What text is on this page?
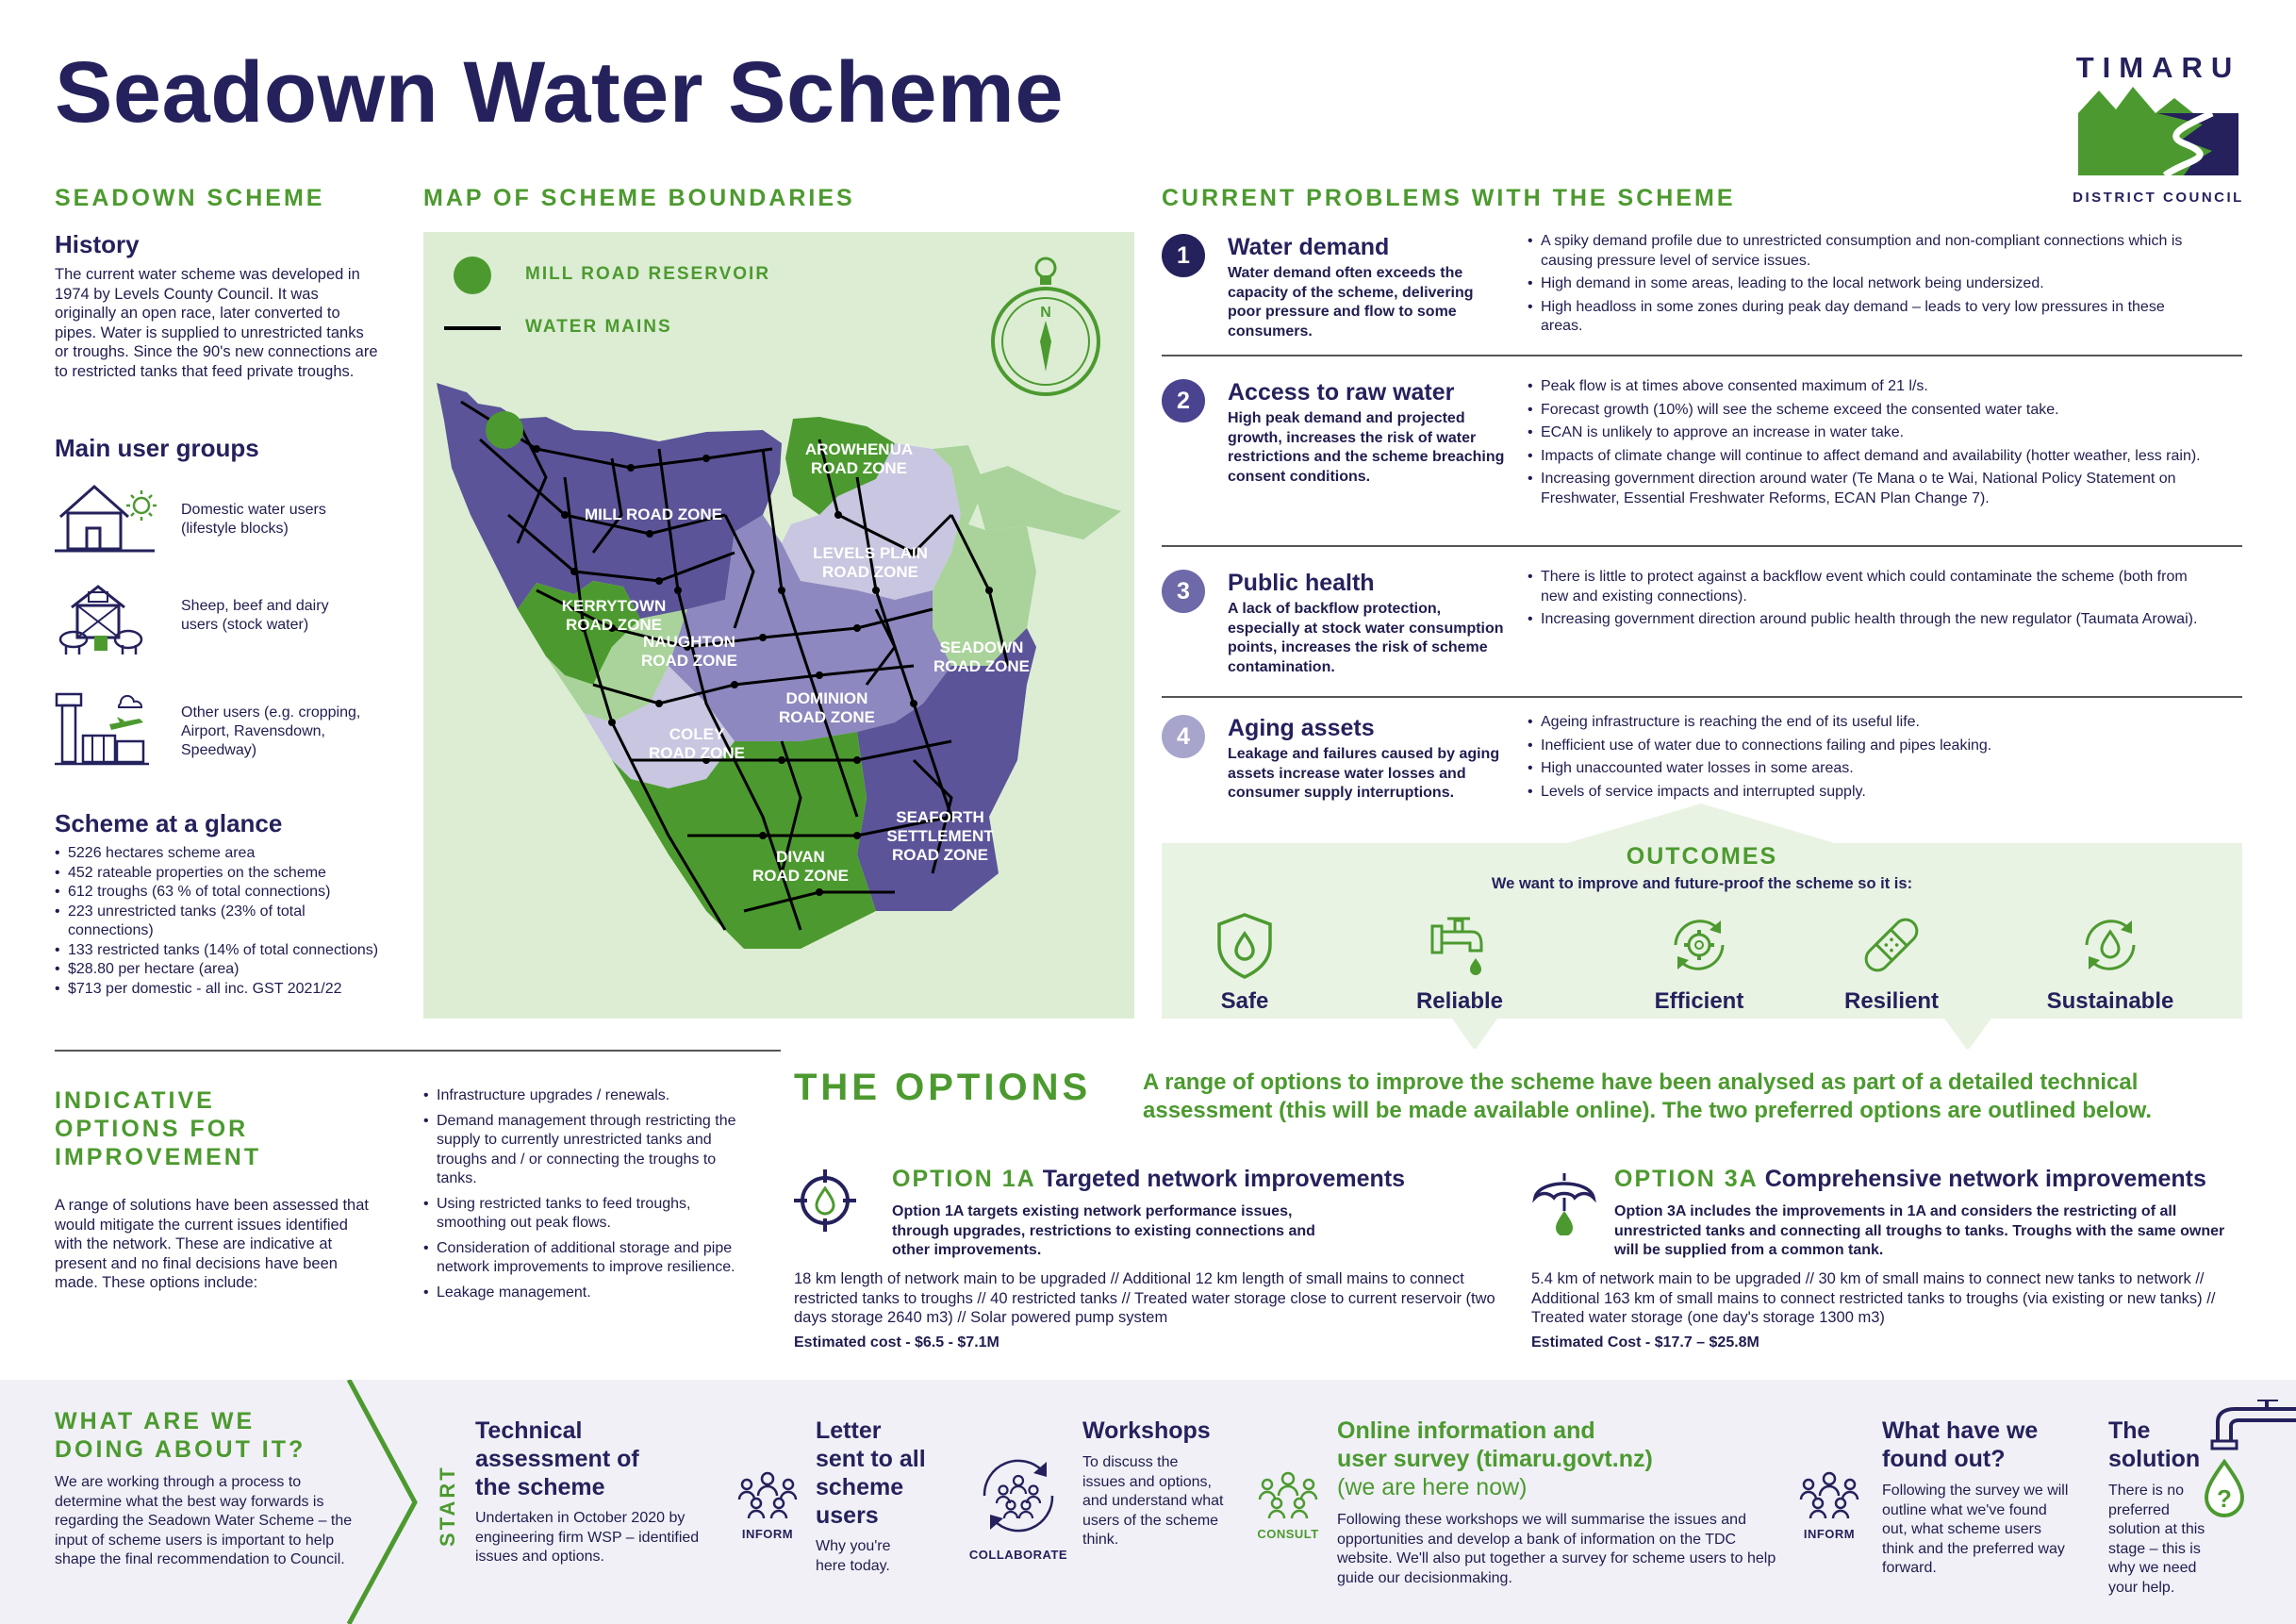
Seadown Water Scheme	TIMARU
DISTRICT COUNCIL
SEADOWN SCHEME
History
The current water scheme was developed in 1974 by Levels County Council. It was originally an open race, later converted to pipes. Water is supplied to unrestricted tanks or troughs. Since the 90's new connections are to restricted tanks that feed private troughs.
Main user groups
Domestic water users (lifestyle blocks)
Sheep, beef and dairy users (stock water)
Other users (e.g. cropping, Airport, Ravensdown, Speedway)
Scheme at a glance
• 5226 hectares scheme area
• 452 rateable properties on the scheme
• 612 troughs (63 % of total connections)
• 223 unrestricted tanks (23% of total connections)
• 133 restricted tanks (14% of total connections)
• $28.80 per hectare (area)
• $713 per domestic - all inc. GST 2021/22
MAP OF SCHEME BOUNDARIES
AROWHENUA ROAD ZONE
MILL ROAD ZONE
LEVELS PLAIN ROAD ZONE
KERRYTOWN ROAD ZONE
NAUGHTON ROAD ZONE
SEADOWN ROAD ZONE
DOMINION ROAD ZONE
COLEY ROAD ZONE
SEAFORTH SETTLEMENT ROAD ZONE
DIVAN ROAD ZONE
MILL ROAD RESERVOIR
WATER MAINS
N
CURRENT PROBLEMS WITH THE SCHEME
1	Water demand
Water demand often exceeds the capacity of the scheme, delivering poor pressure and flow to some consumers.
• A spiky demand profile due to unrestricted consumption and non-compliant connections which is causing pressure level of service issues.
• High demand in some areas, leading to the local network being undersized.
• High headloss in some zones during peak day demand – leads to very low pressures in these areas.
2	Access to raw water
High peak demand and projected growth, increases the risk of water restrictions and the scheme breaching consent conditions.
• Peak flow is at times above consented maximum of 21 l/s.
• Forecast growth (10%) will see the scheme exceed the consented water take.
• ECAN is unlikely to approve an increase in water take.
• Impacts of climate change will continue to affect demand and availability (hotter weather, less rain).
• Increasing government direction around water (Te Mana o te Wai, National Policy Statement on Freshwater, Essential Freshwater Reforms, ECAN Plan Change 7).
3	Public health
A lack of backflow protection, especially at stock water consumption points, increases the risk of scheme contamination.
• There is little to protect against a backflow event which could contaminate the scheme (both from new and existing connections).
• Increasing government direction around public health through the new regulator (Taumata Arowai).
4	Aging assets
Leakage and failures caused by aging assets increase water losses and consumer supply interruptions.
• Ageing infrastructure is reaching the end of its useful life.
• Inefficient use of water due to connections failing and pipes leaking.
• High unaccounted water losses in some areas.
• Levels of service impacts and interrupted supply.
OUTCOMES
We want to improve and future-proof the scheme so it is:
Safe	Reliable	Efficient	Resilient	Sustainable
INDICATIVE
OPTIONS FOR
IMPROVEMENT
A range of solutions have been assessed that would mitigate the current issues identified with the network. These are indicative at present and no final decisions have been made. These options include:
• Infrastructure upgrades / renewals.
• Demand management through restricting the supply to currently unrestricted tanks and troughs and / or connecting the troughs to tanks.
• Using restricted tanks to feed troughs, smoothing out peak flows.
• Consideration of additional storage and pipe network improvements to improve resilience.
• Leakage management.
THE OPTIONS A range of options to improve the scheme have been analysed as part of a detailed technical assessment (this will be made available online). The two preferred options are outlined below.
OPTION 1A Targeted network improvements
Option 1A targets existing network performance issues, through upgrades, restrictions to existing connections and other improvements.
18 km length of network main to be upgraded // Additional 12 km length of small mains to connect restricted tanks to troughs // 40 restricted tanks // Treated water storage close to current reservoir (two days storage 2640 m3) // Solar powered pump system
Estimated cost - $6.5 - $7.1M
OPTION 3A Comprehensive network improvements
Option 3A includes the improvements in 1A and considers the restricting of all unrestricted tanks and connecting all troughs to tanks. Troughs with the same owner will be supplied from a common tank.
5.4 km of network main to be upgraded // 30 km of small mains to connect new tanks to network // Additional 163 km of small mains to connect restricted tanks to troughs (via existing or new tanks) // Treated water storage (one day's storage 1300 m3)
Estimated Cost - $17.7 – $25.8M
WHAT ARE WE
DOING ABOUT IT?
We are working through a process to determine what the best way forwards is regarding the Seadown Water Scheme – the input of scheme users is important to help shape the final recommendation to Council.
START
Technical
assessment of
the scheme
Undertaken in October 2020 by engineering firm WSP – identified issues and options.
INFORM
Letter
sent to all
scheme
users
Why you're here today.
COLLABORATE
Workshops
To discuss the issues and options, and understand what users of the scheme think.	CONSULT
Online information and
user survey (timaru.govt.nz)
(we are here now)
Following these workshops we will summarise the issues and opportunities and develop a bank of information on the TDC website. We'll also put together a survey for scheme users to help guide our decisionmaking.
INFORM
What have we
found out?
Following the survey we will outline what we've found out, what scheme users think and the preferred way forward.
The
solution
There is no preferred solution at this stage – this is why we need your help.
?
